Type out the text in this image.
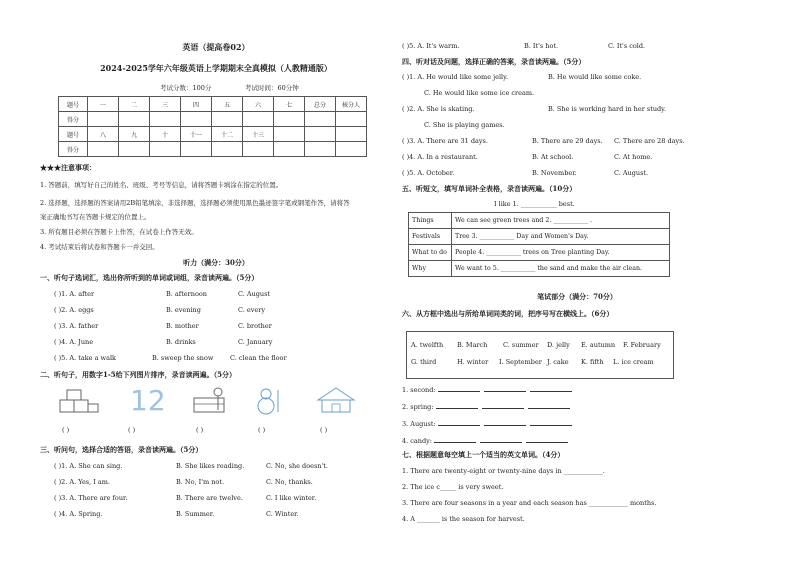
英语（提高卷02）
2024-2025学年六年级英语上学期期末全真模拟（人教精通版）
考试分数：100分	考试时间：60分钟
题号	一	二	三	四	五	六	七	总分	核分人
得分									
题号	八	九	十	十一	十二	十三			
得分									
★★★注意事项：
1. 答题前，填写好自己的姓名、班级、考号等信息，请将答题卡填涂在指定的位置。
2. 选择题，选择题的答案请用2B铅笔填涂，非选择题，选择题必须使用黑色墨迹签字笔或钢笔作答，请将答
案正确地书写在答题卡规定的位置上。
3. 所有题目必须在答题卡上作答，在试卷上作答无效。
4. 考试结束后将试卷和答题卡一并交回。
听力（满分：30分）
一、听句子选词汇，选出你所听到的单词或词组，录音读两遍。（5分）
( )1. A. after	B. afternoon	C. August
( )2. A. eggs	B. evening	C. every
( )3. A. father	B. mother	C. brother
( )4. A. June	B. drinks	C. January
( )5. A. take a walk	B. sweep the snow	C. clean the floor
二、听句子，用数字1-5给下列图片排序，录音读两遍。（5分）
12
( )	( )	( )	( )	( )
三、听问句，选择合适的答语，录音读两遍。（5分）
( )1. A. She can sing.	B. She likes reading.	C. No, she doesn't.
( )2. A. Yes, I am.	B. No, I'm not.	C. No, thanks.
( )3. A. There are four.	B. There are twelve.	C. I like winter.
( )4. A. Spring.	B. Summer.	C. Winter.
( )5. A. It's warm.	B. It's hot.	C. It's cold.
四、听对话及问题，选择正确的答案，录音读两遍。（5分）
( )1. A. He would like some jelly.	B. He would like some coke.
C. He would like some ice cream.
( )2. A. She is skating.	B. She is working hard in her study.
C. She is playing games.
( )3. A. There are 31 days.	B. There are 29 days. C. There are 28 days.
( )4. A. In a restaurant.	B. At school.	C. At home.
( )5. A. October.	B. November.	C. August.
五、听短文，填写单词补全表格，录音读两遍。（10分）
I like 1. ___________ best.
Things	We can see green trees and 2. ___________ .
Festivals	Tree 3. ___________ Day and Women's Day.
What to do	People 4. ___________ trees on Tree planting Day.
Why	We want to 5. ___________ the sand and make the air clean.
笔试部分（满分：70分）
六、从方框中选出与所给单词同类的词，把序号写在横线上。（6分）
A. twelfth B. March C. summer D. jelly E. autumn F. February
G. third	H. winter I. September J. cake K. fifth L. ice cream
1. second:
2. spring:
3. August:
4. candy:
七、根据题意每空填上一个适当的英文单词。（4分）
1. There are twenty-eight or twenty-nine days in ____________.
2. The ice c_____ is very sweet.
3. There are four seasons in a year and each season has ____________ months.
4. A _______ is the season for harvest.
